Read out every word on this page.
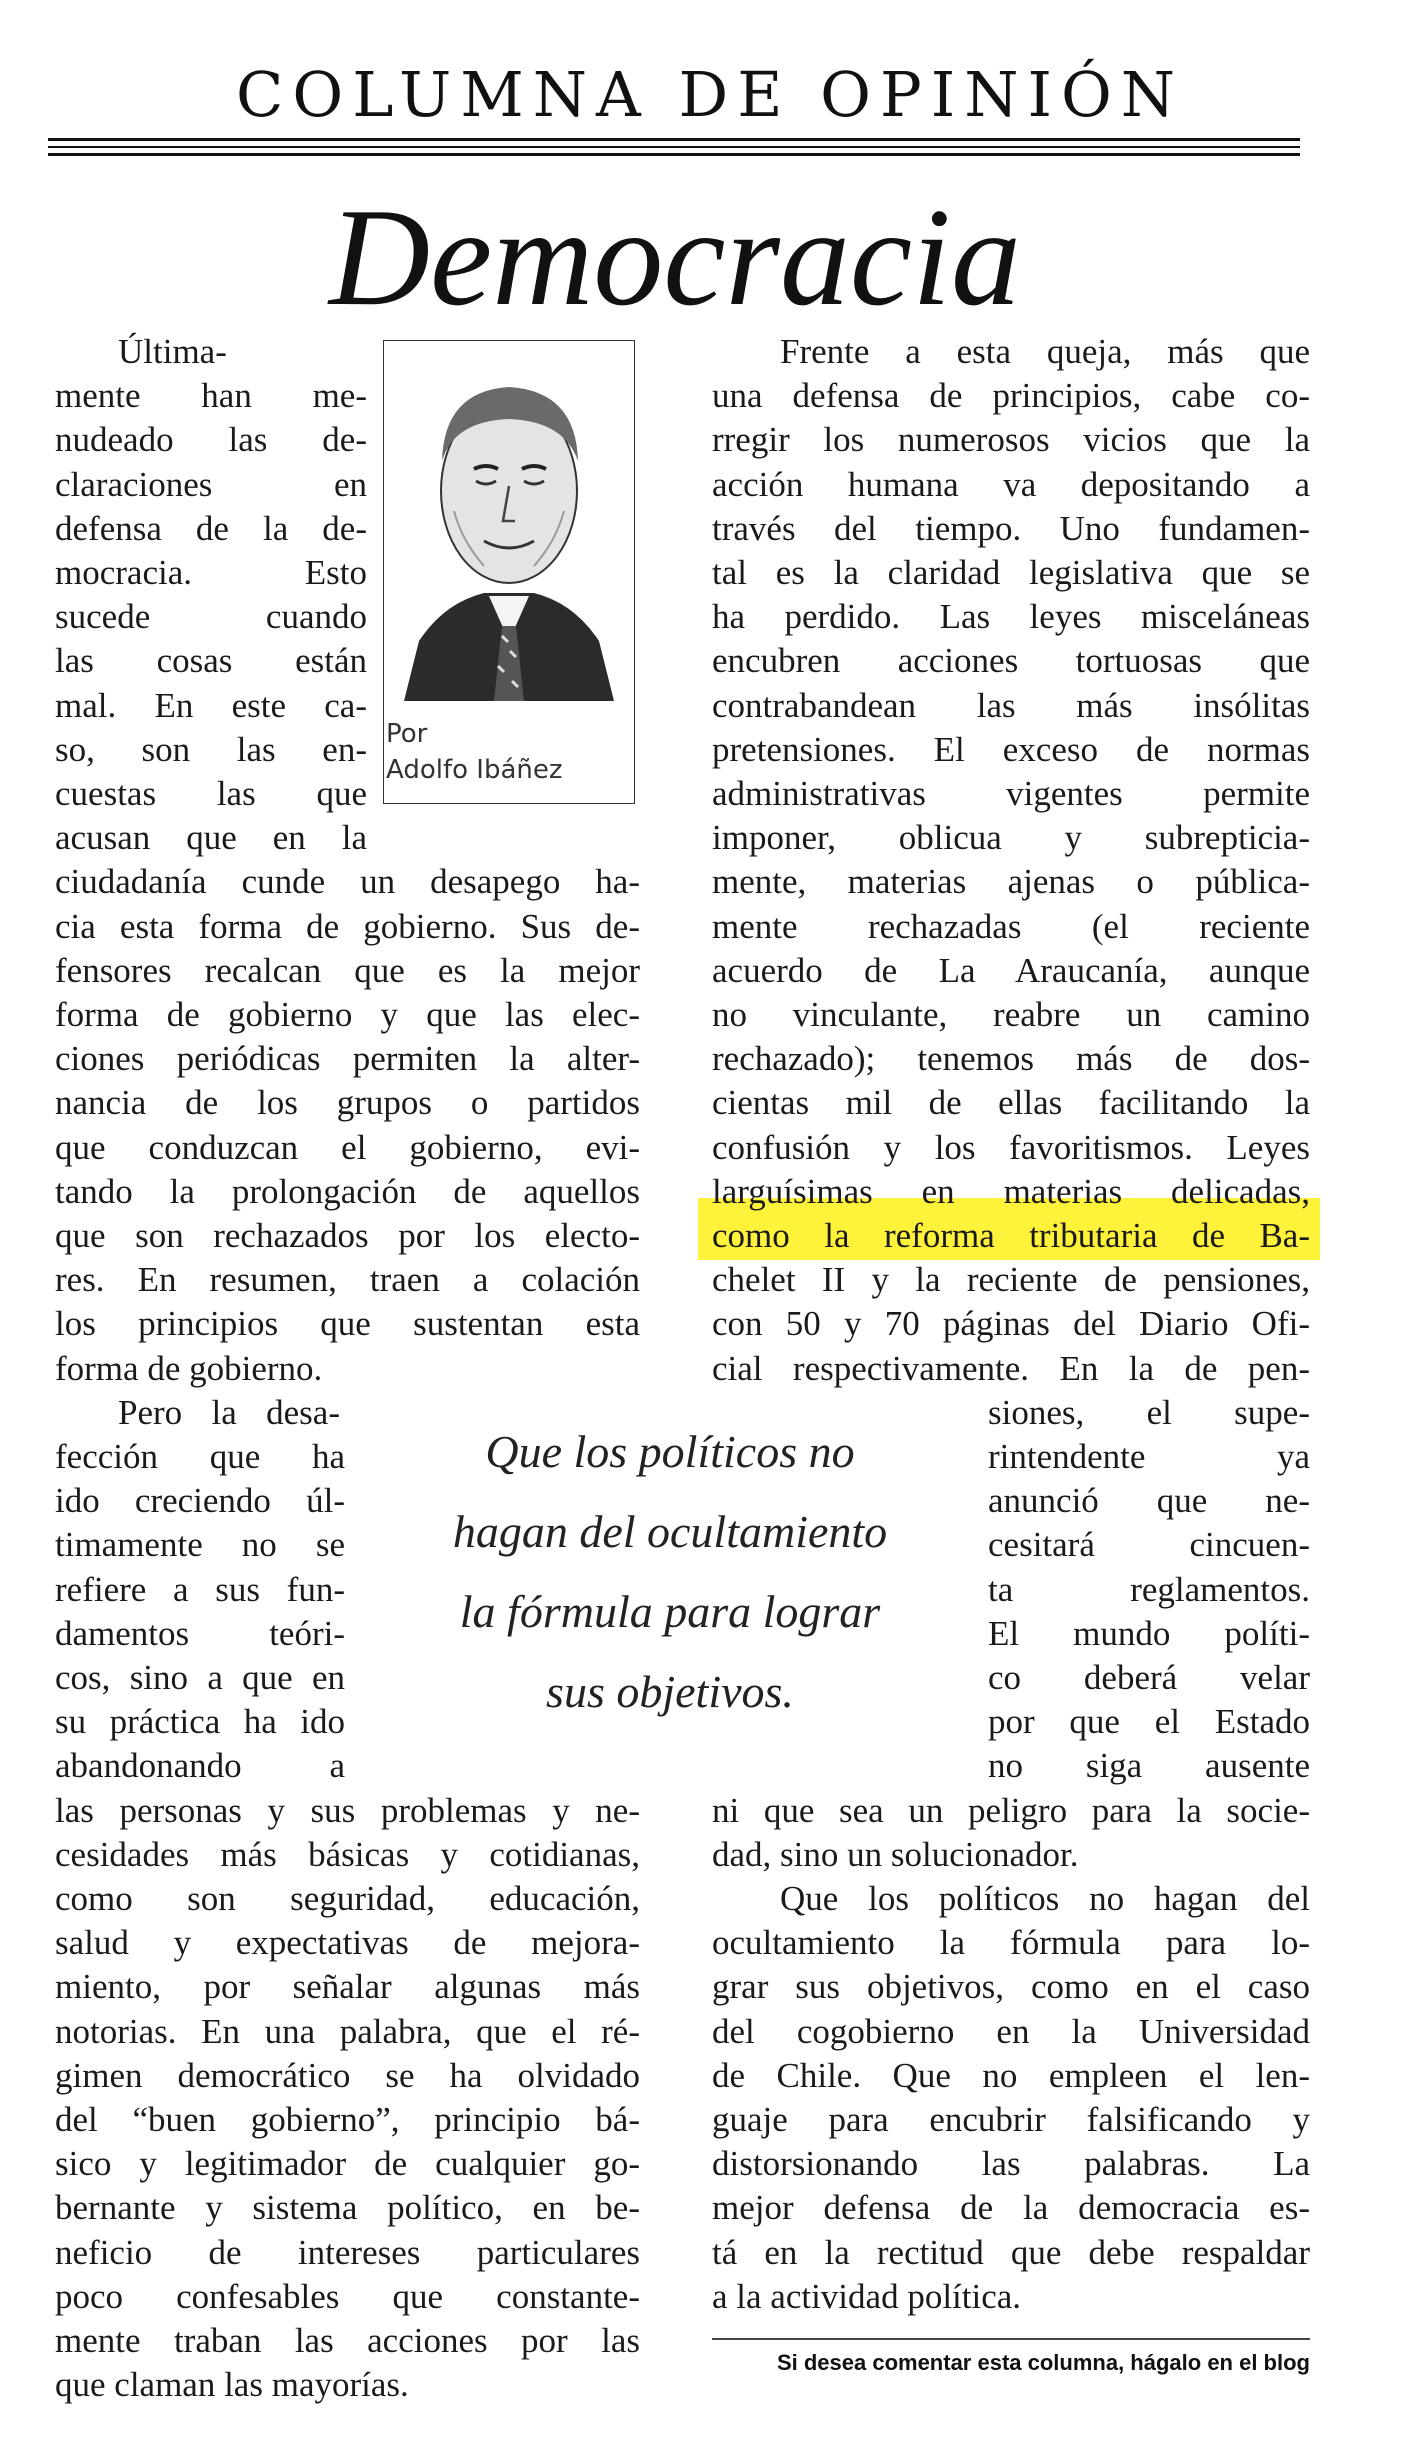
COLUMNA DE OPINIÓN
Democracia
Por
Adolfo Ibáñez
Última-
mente han me-
nudeado las de-
claraciones en
defensa de la de-
mocracia. Esto
sucede cuando
las cosas están
mal. En este ca-
so, son las en-
cuestas las que
acusan que en la
ciudadanía cunde un desapego ha-
cia esta forma de gobierno. Sus de-
fensores recalcan que es la mejor
forma de gobierno y que las elec-
ciones periódicas permiten la alter-
nancia de los grupos o partidos
que conduzcan el gobierno, evi-
tando la prolongación de aquellos
que son rechazados por los electo-
res. En resumen, traen a colación
los principios que sustentan esta
forma de gobierno.
Pero la desa-
fección que ha
ido creciendo úl-
timamente no se
refiere a sus fun-
damentos teóri-
cos, sino a que en
su práctica ha ido
abandonando a
las personas y sus problemas y ne-
cesidades más básicas y cotidianas,
como son seguridad, educación,
salud y expectativas de mejora-
miento, por señalar algunas más
notorias. En una palabra, que el ré-
gimen democrático se ha olvidado
del “buen gobierno”, principio bá-
sico y legitimador de cualquier go-
bernante y sistema político, en be-
neficio de intereses particulares
poco confesables que constante-
mente traban las acciones por las
que claman las mayorías.
Frente a esta queja, más que
una defensa de principios, cabe co-
rregir los numerosos vicios que la
acción humana va depositando a
través del tiempo. Uno fundamen-
tal es la claridad legislativa que se
ha perdido. Las leyes misceláneas
encubren acciones tortuosas que
contrabandean las más insólitas
pretensiones. El exceso de normas
administrativas vigentes permite
imponer, oblicua y subrepticia-
mente, materias ajenas o pública-
mente rechazadas (el reciente
acuerdo de La Araucanía, aunque
no vinculante, reabre un camino
rechazado); tenemos más de dos-
cientas mil de ellas facilitando la
confusión y los favoritismos. Leyes
larguísimas en materias delicadas,
como la reforma tributaria de Ba-
chelet II y la reciente de pensiones,
con 50 y 70 páginas del Diario Ofi-
cial respectivamente. En la de pen-
siones, el supe-
rintendente ya
anunció que ne-
cesitará cincuen-
ta reglamentos.
El mundo políti-
co deberá velar
por que el Estado
no siga ausente
ni que sea un peligro para la socie-
dad, sino un solucionador.
Que los políticos no hagan del
ocultamiento la fórmula para lo-
grar sus objetivos, como en el caso
del cogobierno en la Universidad
de Chile. Que no empleen el len-
guaje para encubrir falsificando y
distorsionando las palabras. La
mejor defensa de la democracia es-
tá en la rectitud que debe respaldar
a la actividad política.
Que los políticos no
hagan del ocultamiento
la fórmula para lograr
sus objetivos.
Si desea comentar esta columna, hágalo en el blog
